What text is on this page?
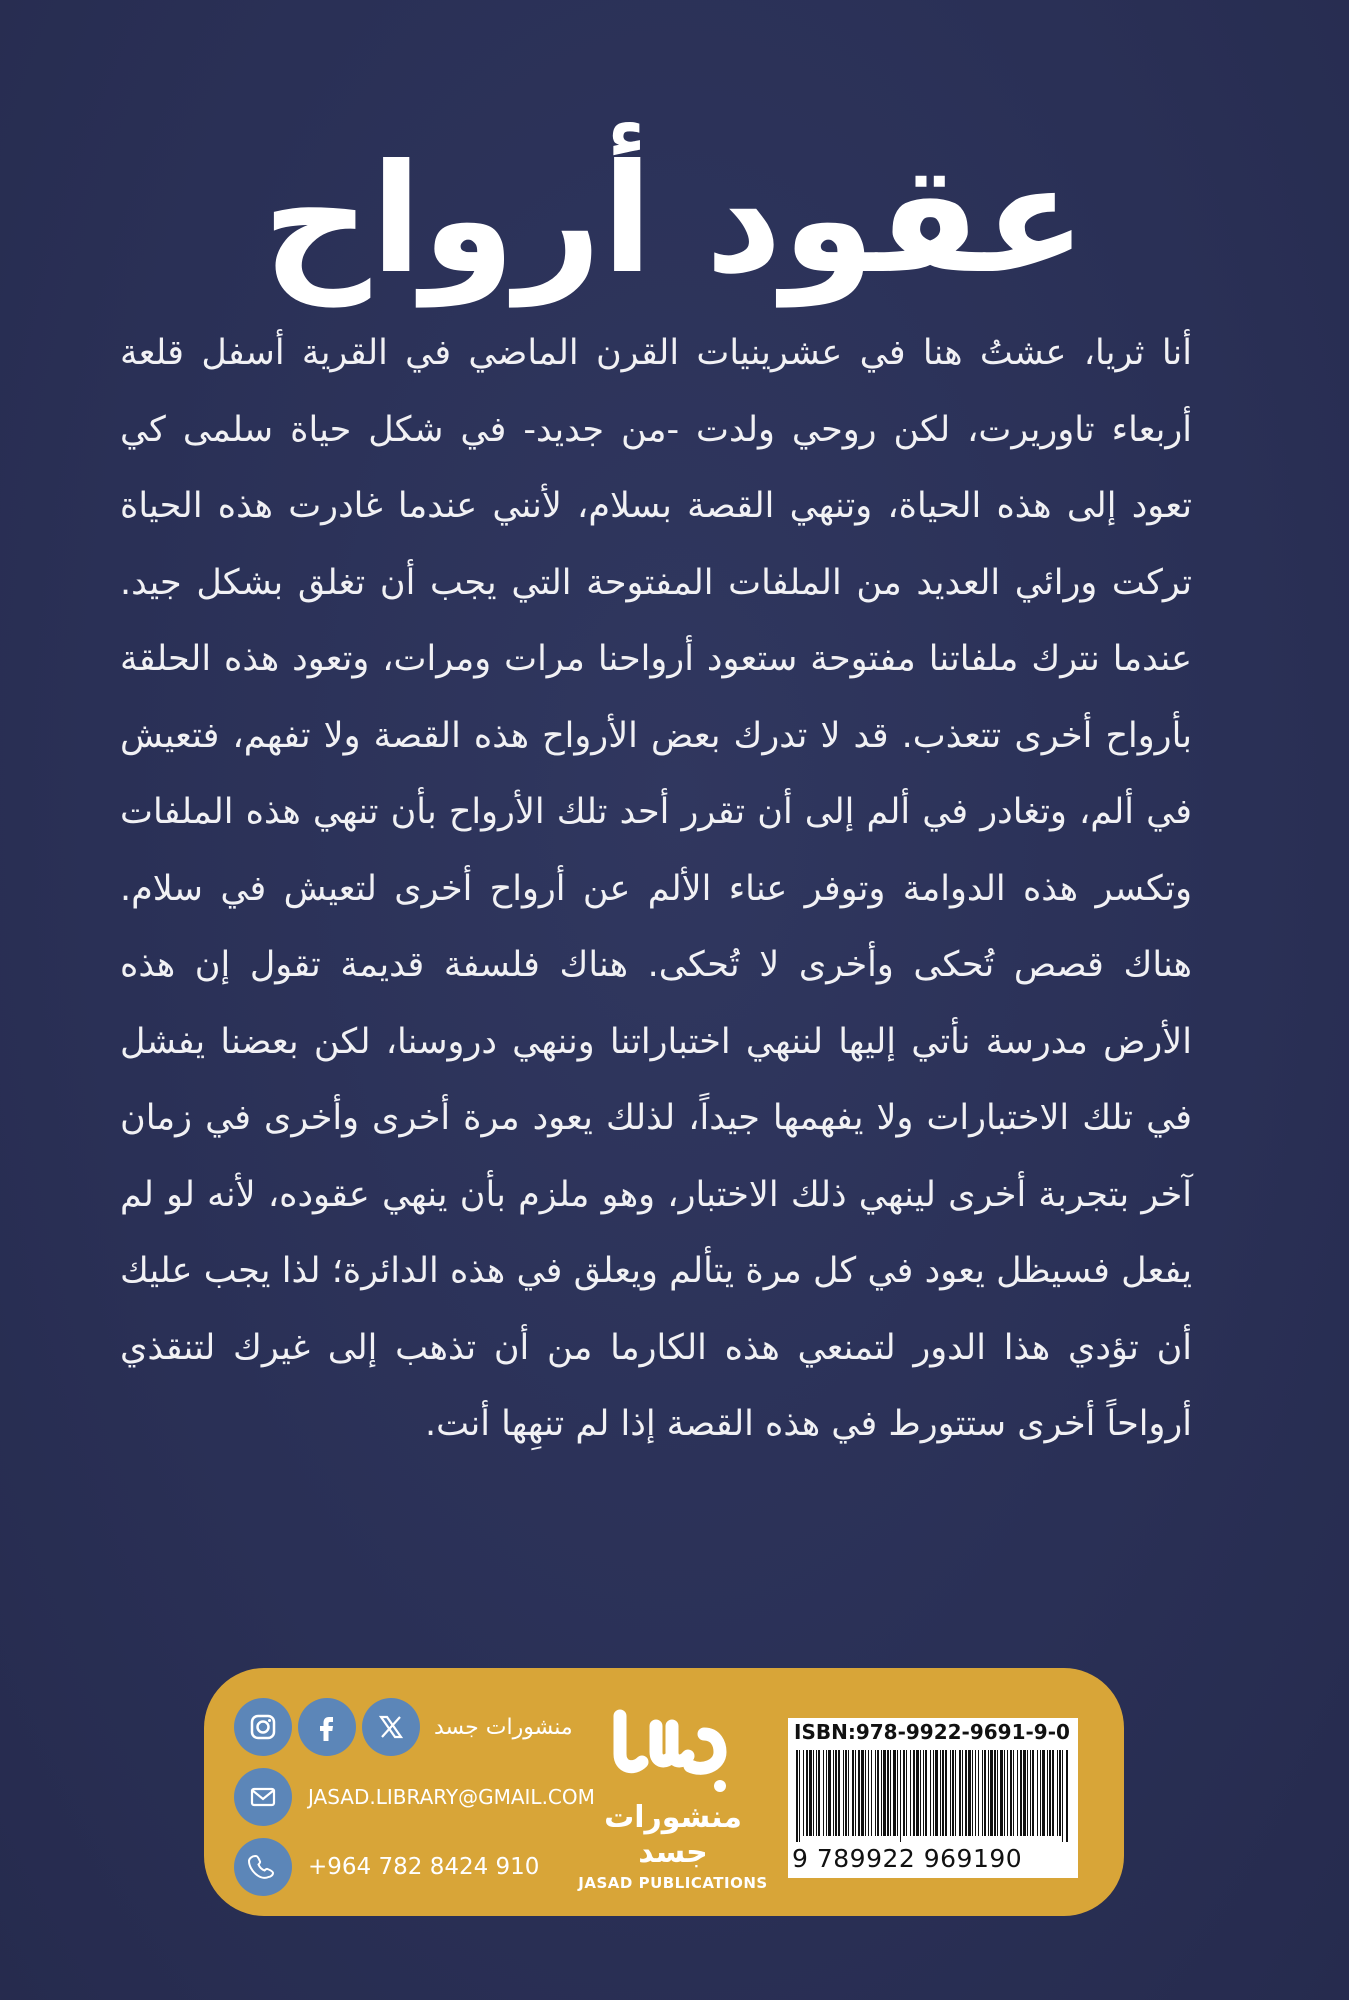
عقود أرواح

أنا ثريا، عشتُ هنا في عشرينيات القرن الماضي في القرية أسفل قلعة أربعاء تاوريرت، لكن روحي ولدت -من جديد- في شكل حياة سلمى كي تعود إلى هذه الحياة، وتنهي القصة بسلام، لأنني عندما غادرت هذه الحياة تركت ورائي العديد من الملفات المفتوحة التي يجب أن تغلق بشكل جيد. عندما نترك ملفاتنا مفتوحة ستعود أرواحنا مرات ومرات، وتعود هذه الحلقة بأرواح أخرى تتعذب. قد لا تدرك بعض الأرواح هذه القصة ولا تفهم، فتعيش في ألم، وتغادر في ألم إلى أن تقرر أحد تلك الأرواح بأن تنهي هذه الملفات وتكسر هذه الدوامة وتوفر عناء الألم عن أرواح أخرى لتعيش في سلام. هناك قصص تُحكى وأخرى لا تُحكى. هناك فلسفة قديمة تقول إن هذه الأرض مدرسة نأتي إليها لننهي اختباراتنا وننهي دروسنا، لكن بعضنا يفشل في تلك الاختبارات ولا يفهمها جيداً، لذلك يعود مرة أخرى وأخرى في زمان آخر بتجربة أخرى لينهي ذلك الاختبار، وهو ملزم بأن ينهي عقوده، لأنه لو لم يفعل فسيظل يعود في كل مرة يتألم ويعلق في هذه الدائرة؛ لذا يجب عليك أن تؤدي هذا الدور لتمنعي هذه الكارما من أن تذهب إلى غيرك لتنقذي أرواحاً أخرى ستتورط في هذه القصة إذا لم تنهِها أنت.

منشورات جسد
JASAD.LIBRARY@GMAIL.COM
+964 782 8424 910
منشورات جسد
JASAD PUBLICATIONS
ISBN:978-9922-9691-9-0
9 789922 969190
